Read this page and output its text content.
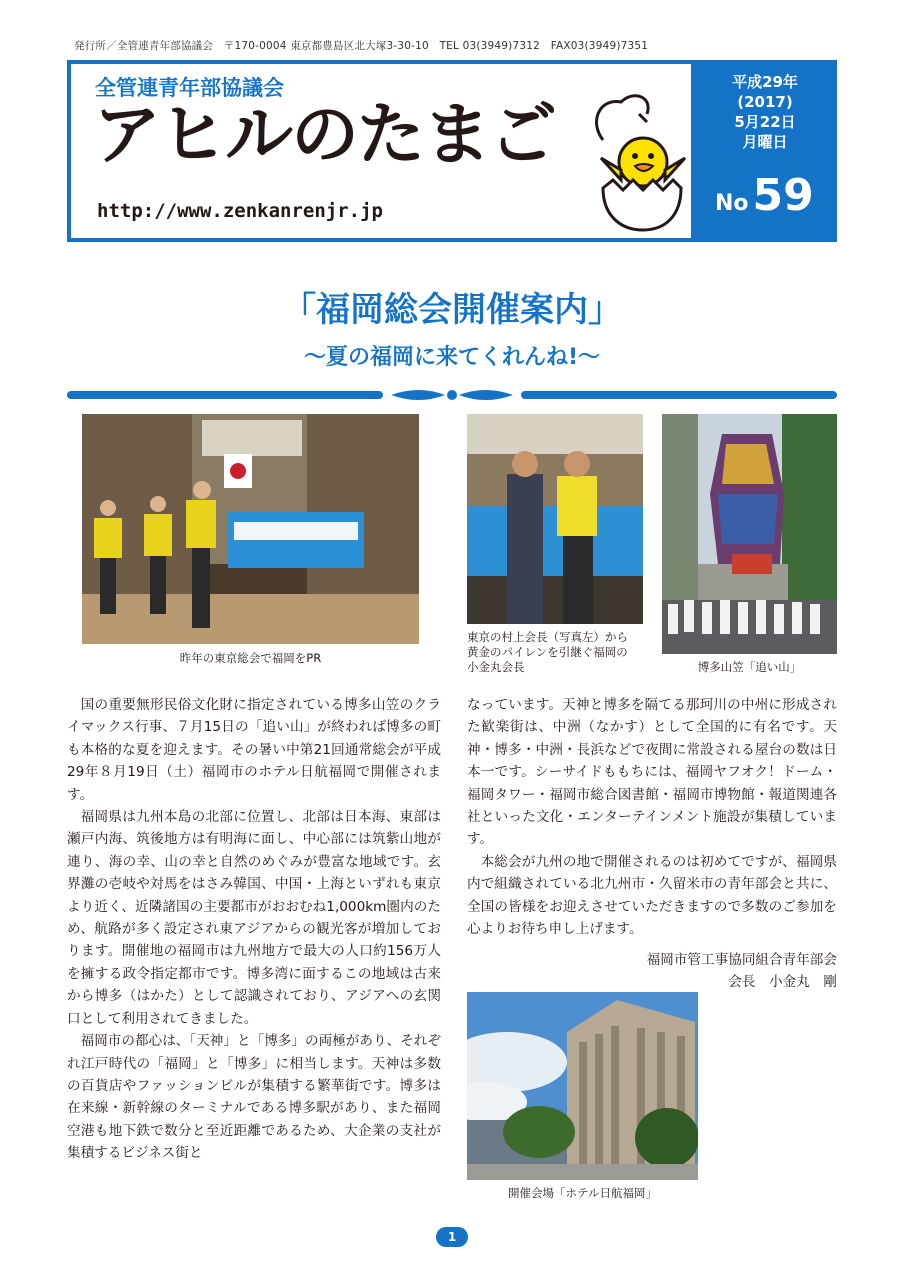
発行所／全管連青年部協議会　〒170-0004 東京都豊島区北大塚3-30-10　TEL 03(3949)7312　FAX03(3949)7351
全管連青年部協議会
アヒルのたまご
http://www.zenkanrenjr.jp
平成29年
(2017)
5月22日
月曜日
No59
「福岡総会開催案内」
～夏の福岡に来てくれんね!～
昨年の東京総会で福岡をPR
東京の村上会長（写真左）から
黄金のパイレンを引継ぐ福岡の
小金丸会長	博多山笠「追い山」

国の重要無形民俗文化財に指定されている博多山笠のクライマックス行事、７月15日の「追い山」が終われば博多の町も本格的な夏を迎えます。その暑い中第21回通常総会が平成29年８月19日（土）福岡市のホテル日航福岡で開催されます。

福岡県は九州本島の北部に位置し、北部は日本海、東部は瀬戸内海、筑後地方は有明海に面し、中心部には筑紫山地が連り、海の幸、山の幸と自然のめぐみが豊富な地域です。玄界灘の壱岐や対馬をはさみ韓国、中国・上海といずれも東京より近く、近隣諸国の主要都市がおおむね1,000km圏内のため、航路が多く設定され東アジアからの観光客が増加しております。開催地の福岡市は九州地方で最大の人口約156万人を擁する政令指定都市です。博多湾に面するこの地域は古来から博多（はかた）として認識されており、アジアへの玄関口として利用されてきました。

福岡市の都心は、「天神」と「博多」の両極があり、それぞれ江戸時代の「福岡」と「博多」に相当します。天神は多数の百貨店やファッションビルが集積する繁華街です。博多は在来線・新幹線のターミナルである博多駅があり、また福岡空港も地下鉄で数分と至近距離であるため、大企業の支社が集積するビジネス街と

なっています。天神と博多を隔てる那珂川の中州に形成された歓楽街は、中洲（なかす）として全国的に有名です。天神・博多・中洲・長浜などで夜間に常設される屋台の数は日本一です。シーサイドももちには、福岡ヤフオク！ドーム・福岡タワー・福岡市総合図書館・福岡市博物館・報道関連各社といった文化・エンターテインメント施設が集積しています。

本総会が九州の地で開催されるのは初めてですが、福岡県内で組織されている北九州市・久留米市の青年部会と共に、全国の皆様をお迎えさせていただきますので多数のご参加を心よりお待ち申し上げます。

福岡市管工事協同組合青年部会
会長　小金丸　剛
開催会場「ホテル日航福岡」
1
